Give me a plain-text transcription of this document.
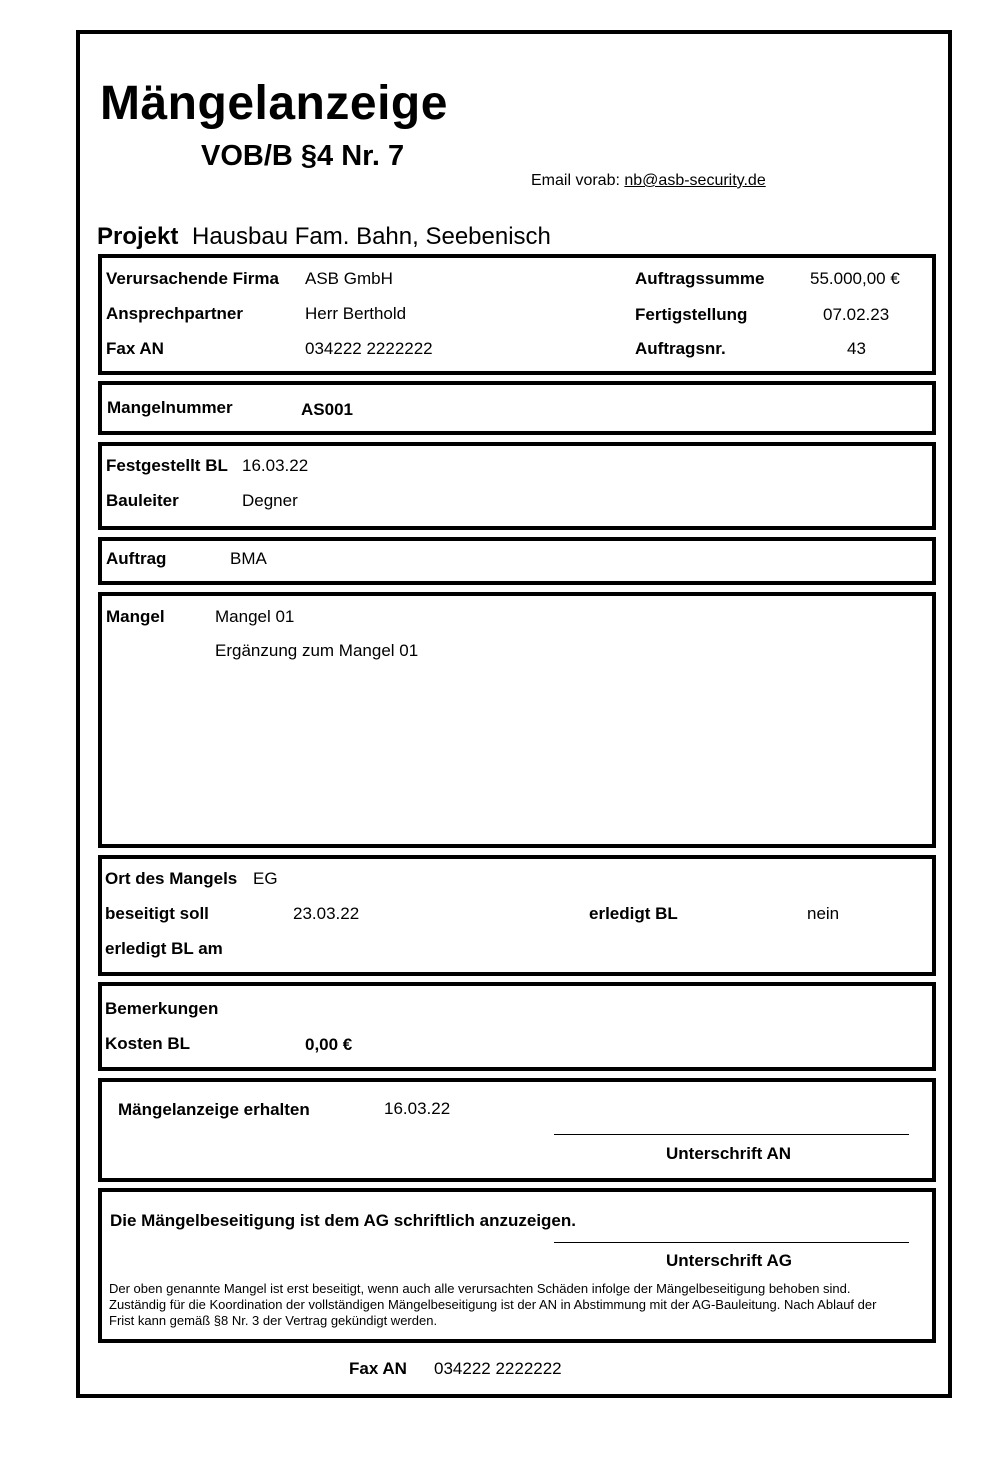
Mängelanzeige
VOB/B §4 Nr. 7
Email vorab: nb@asb-security.de
Projekt Hausbau Fam. Bahn, Seebenisch
Verursachende Firma ASB GmbH
Ansprechpartner	Herr Berthold
Fax AN	034222 2222222
Auftragssumme	55.000,00 €
Fertigstellung	07.02.23
Auftragsnr.	43
Mangelnummer	AS001
Festgestellt BL 16.03.22
Bauleiter	Degner
Auftrag	BMA
Mangel	Mangel 01
Ergänzung zum Mangel 01
Ort des Mangels EG
beseitigt soll	23.03.22	erledigt BL	nein
erledigt BL am
Bemerkungen
Kosten BL	0,00 €
Mängelanzeige erhalten	16.03.22
Unterschrift AN
Die Mängelbeseitigung ist dem AG schriftlich anzuzeigen.
Unterschrift AG
Der oben genannte Mangel ist erst beseitigt, wenn auch alle verursachten Schäden infolge der Mängelbeseitigung behoben sind. Zuständig für die Koordination der vollständigen Mängelbeseitigung ist der AN in Abstimmung mit der AG-Bauleitung. Nach Ablauf der Frist kann gemäß §8 Nr. 3 der Vertrag gekündigt werden.
Fax AN 034222 2222222
